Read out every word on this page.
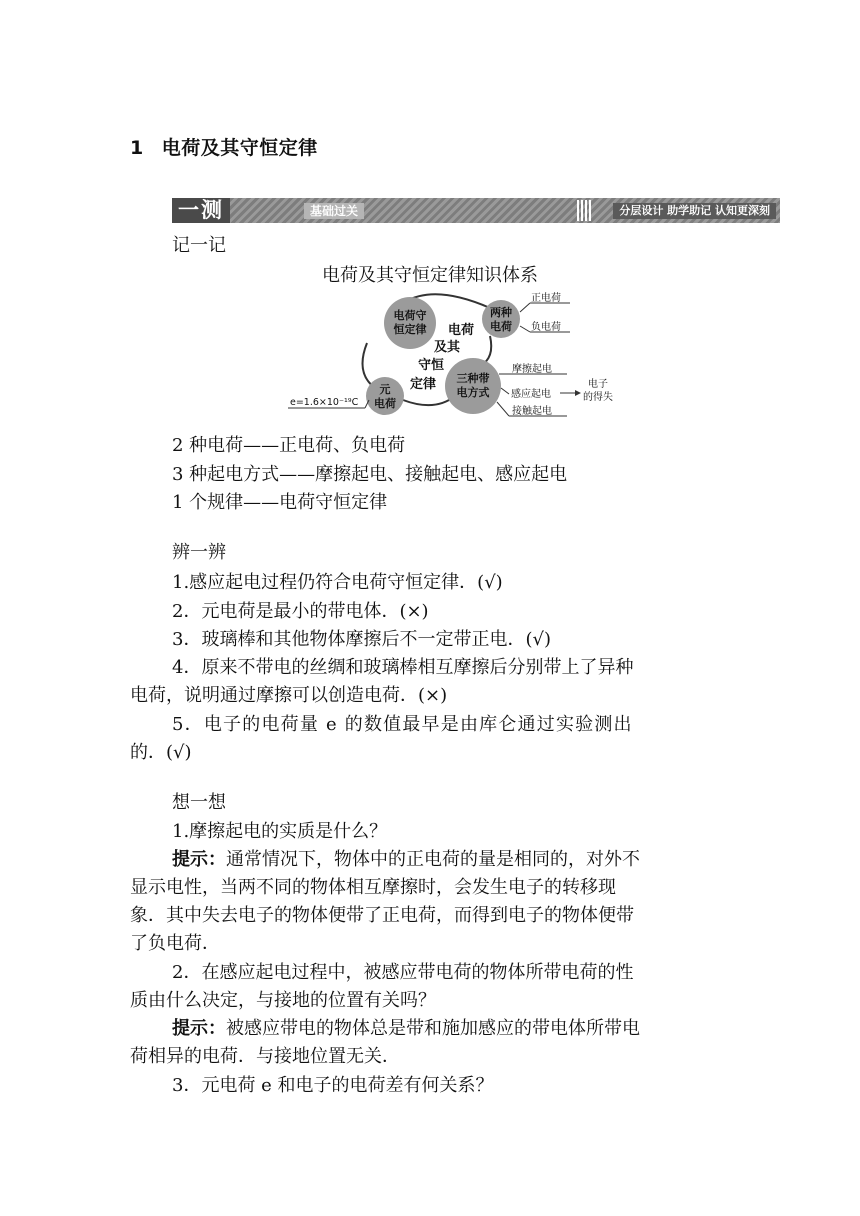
1 电荷及其守恒定律
一测	基础过关	分层设计 助学助记 认知更深刻
记一记
电荷及其守恒定律知识体系
电荷守
恒定律
两种
电荷
三种带
电方式
元
电荷
电荷
及其
守恒
定律
正电荷
负电荷
摩擦起电
感应起电
电子
的得失
接触起电
e=1.6×10⁻¹⁹C
2 种电荷——正电荷、负电荷
3 种起电方式——摩擦起电、接触起电、感应起电
1 个规律——电荷守恒定律
辨一辨
1.感应起电过程仍符合电荷守恒定律．(√)
2．元电荷是最小的带电体．(×)
3．玻璃棒和其他物体摩擦后不一定带正电．(√)
4．原来不带电的丝绸和玻璃棒相互摩擦后分别带上了异种
电荷，说明通过摩擦可以创造电荷．(×)
5．电子的电荷量 e 的数值最早是由库仑通过实验测出
的．(√)
想一想
1.摩擦起电的实质是什么？
提示：通常情况下，物体中的正电荷的量是相同的，对外不
显示电性，当两不同的物体相互摩擦时，会发生电子的转移现
象．其中失去电子的物体便带了正电荷，而得到电子的物体便带
了负电荷．
2．在感应起电过程中，被感应带电荷的物体所带电荷的性
质由什么决定，与接地的位置有关吗？
提示：被感应带电的物体总是带和施加感应的带电体所带电
荷相异的电荷．与接地位置无关．
3．元电荷 e 和电子的电荷差有何关系？
